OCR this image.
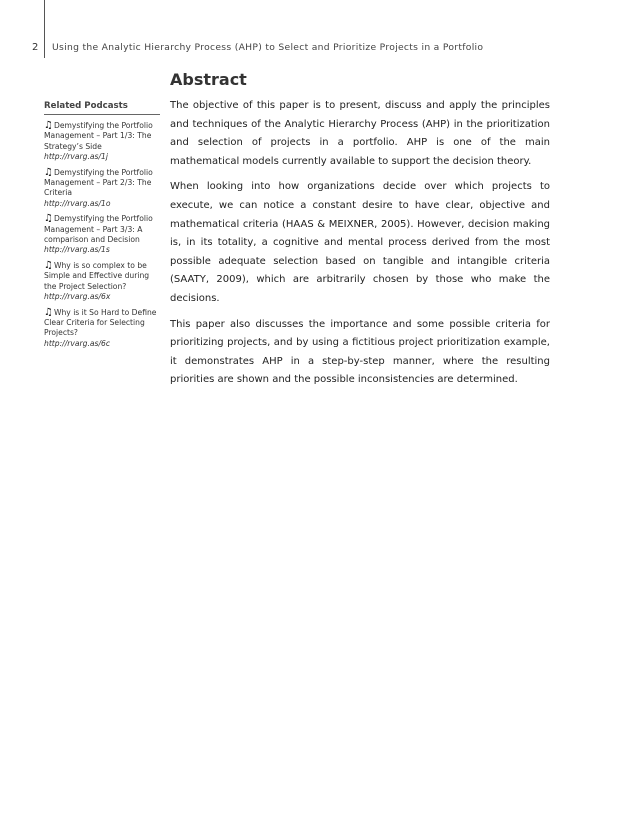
2 Using the Analytic Hierarchy Process (AHP) to Select and Prioritize Projects in a Portfolio
Related Podcasts
♫Demystifying the Portfolio Management – Part 1/3: The Strategy’s Side
http://rvarg.as/1j
♫Demystifying the Portfolio Management – Part 2/3: The Criteria
http://rvarg.as/1o
♫Demystifying the Portfolio Management – Part 3/3: A comparison and Decision
http://rvarg.as/1s
♫Why is so complex to be Simple and Effective during the Project Selection?
http://rvarg.as/6x
♫Why is it So Hard to Define Clear Criteria for Selecting Projects?
http://rvarg.as/6c
Abstract

The objective of this paper is to present, discuss and apply the principles and techniques of the Analytic Hierarchy Process (AHP) in the prioritization and selection of projects in a portfolio. AHP is one of the main mathematical models currently available to support the decision theory.

When looking into how organizations decide over which projects to execute, we can notice a constant desire to have clear, objective and mathematical criteria (HAAS & MEIXNER, 2005). However, decision making is, in its totality, a cognitive and mental process derived from the most possible adequate selection based on tangible and intangible criteria (SAATY, 2009), which are arbitrarily chosen by those who make the decisions.

This paper also discusses the importance and some possible criteria for prioritizing projects, and by using a fictitious project prioritization example, it demonstrates AHP in a step-by-step manner, where the resulting priorities are shown and the possible inconsistencies are determined.
